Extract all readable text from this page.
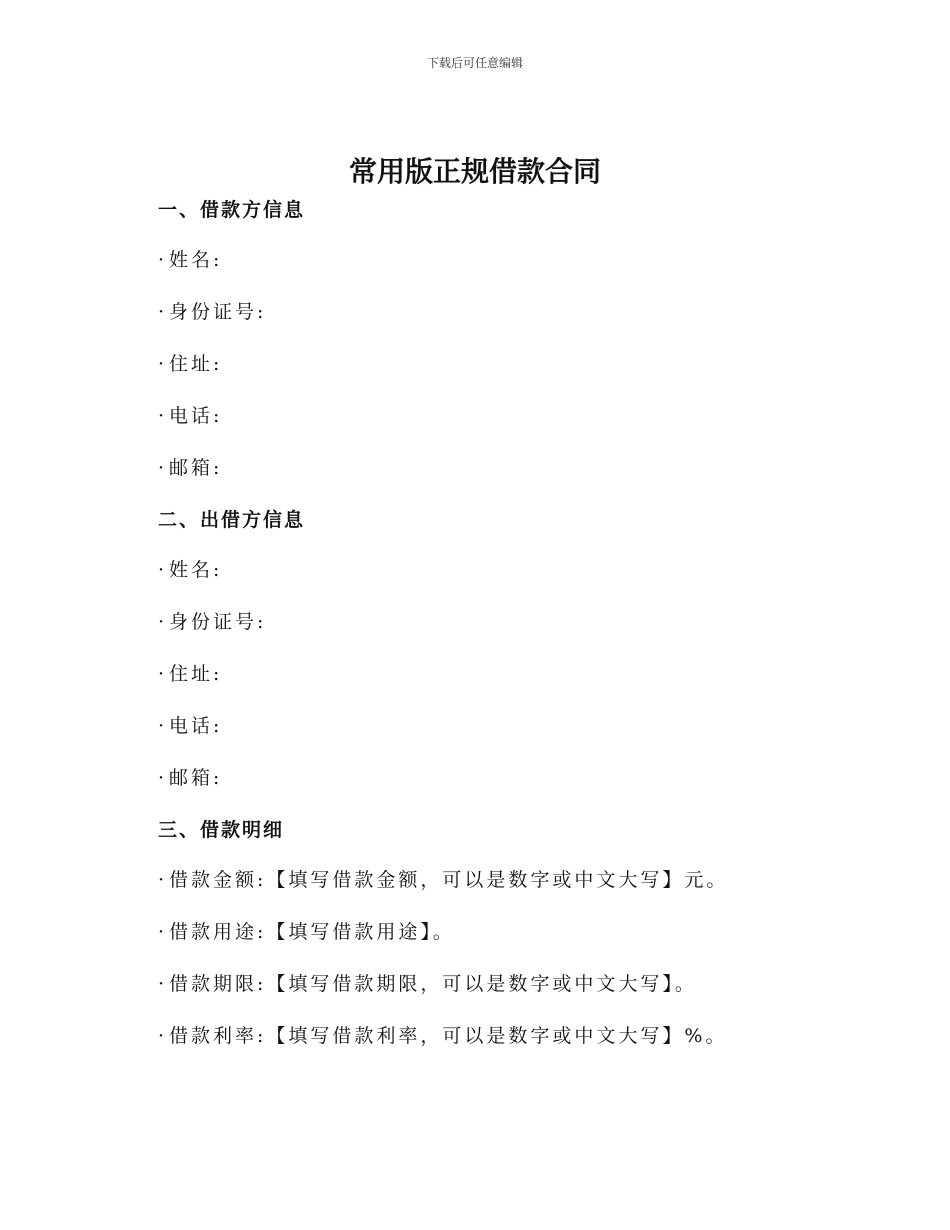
下载后可任意编辑
常用版正规借款合同
一、借款方信息
· 姓名:
· 身份证号:
· 住址:
· 电话:
· 邮箱:
二、出借方信息
· 姓名:
· 身份证号:
· 住址:
· 电话:
· 邮箱:
三、借款明细
· 借款金额:【填写借款金额，可以是数字或中文大写】元。
· 借款用途:【填写借款用途】。
· 借款期限:【填写借款期限，可以是数字或中文大写】。
· 借款利率:【填写借款利率，可以是数字或中文大写】%。
